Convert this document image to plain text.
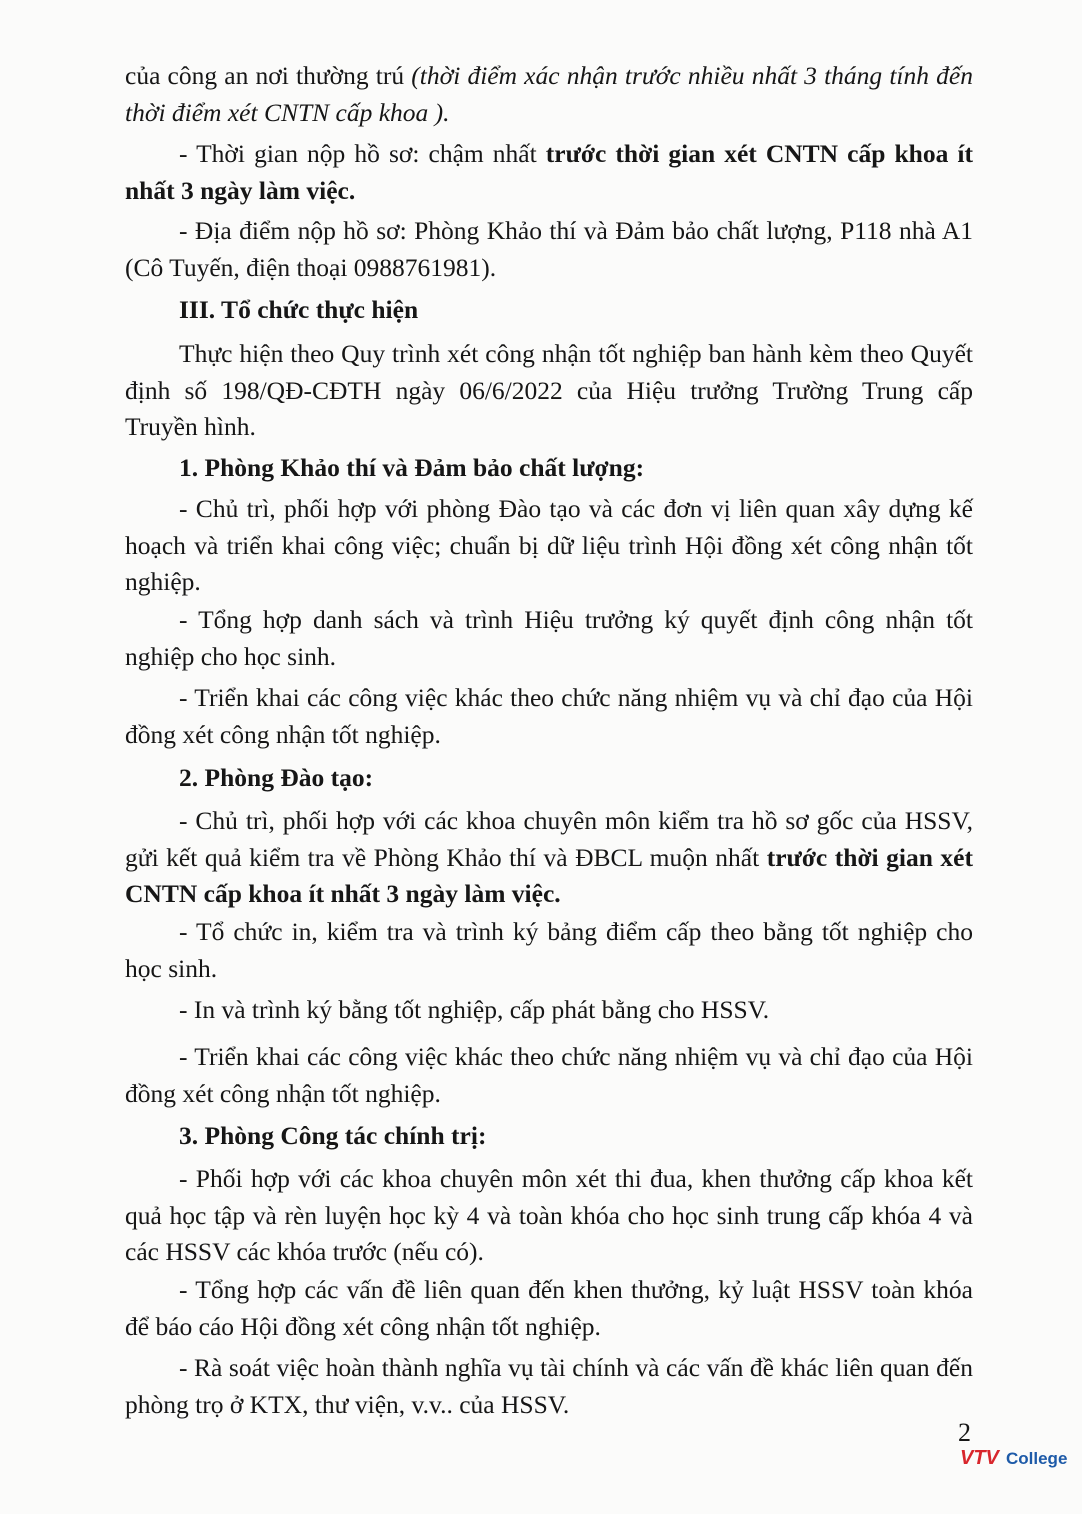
của công an nơi thường trú (thời điểm xác nhận trước nhiều nhất 3 tháng tính đến thời điểm xét CNTN cấp khoa ).

- Thời gian nộp hồ sơ: chậm nhất trước thời gian xét CNTN cấp khoa ít nhất 3 ngày làm việc.

- Địa điểm nộp hồ sơ: Phòng Khảo thí và Đảm bảo chất lượng, P118 nhà A1 (Cô Tuyến, điện thoại 0988761981).

III. Tổ chức thực hiện

Thực hiện theo Quy trình xét công nhận tốt nghiệp ban hành kèm theo Quyết định số 198/QĐ-CĐTH ngày 06/6/2022 của Hiệu trưởng Trường Trung cấp Truyền hình.

1. Phòng Khảo thí và Đảm bảo chất lượng:

- Chủ trì, phối hợp với phòng Đào tạo và các đơn vị liên quan xây dựng kế hoạch và triển khai công việc; chuẩn bị dữ liệu trình Hội đồng xét công nhận tốt nghiệp.

- Tổng hợp danh sách và trình Hiệu trưởng ký quyết định công nhận tốt nghiệp cho học sinh.

- Triển khai các công việc khác theo chức năng nhiệm vụ và chỉ đạo của Hội đồng xét công nhận tốt nghiệp.

2. Phòng Đào tạo:

- Chủ trì, phối hợp với các khoa chuyên môn kiểm tra hồ sơ gốc của HSSV, gửi kết quả kiểm tra về Phòng Khảo thí và ĐBCL muộn nhất trước thời gian xét CNTN cấp khoa ít nhất 3 ngày làm việc.

- Tổ chức in, kiểm tra và trình ký bảng điểm cấp theo bằng tốt nghiệp cho học sinh.

- In và trình ký bằng tốt nghiệp, cấp phát bằng cho HSSV.

- Triển khai các công việc khác theo chức năng nhiệm vụ và chỉ đạo của Hội đồng xét công nhận tốt nghiệp.

3. Phòng Công tác chính trị:

- Phối hợp với các khoa chuyên môn xét thi đua, khen thưởng cấp khoa kết quả học tập và rèn luyện học kỳ 4 và toàn khóa cho học sinh trung cấp khóa 4 và các HSSV các khóa trước (nếu có).

- Tổng hợp các vấn đề liên quan đến khen thưởng, kỷ luật HSSV toàn khóa để báo cáo Hội đồng xét công nhận tốt nghiệp.

- Rà soát việc hoàn thành nghĩa vụ tài chính và các vấn đề khác liên quan đến phòng trọ ở KTX, thư viện, v.v.. của HSSV.

2
VTV College
